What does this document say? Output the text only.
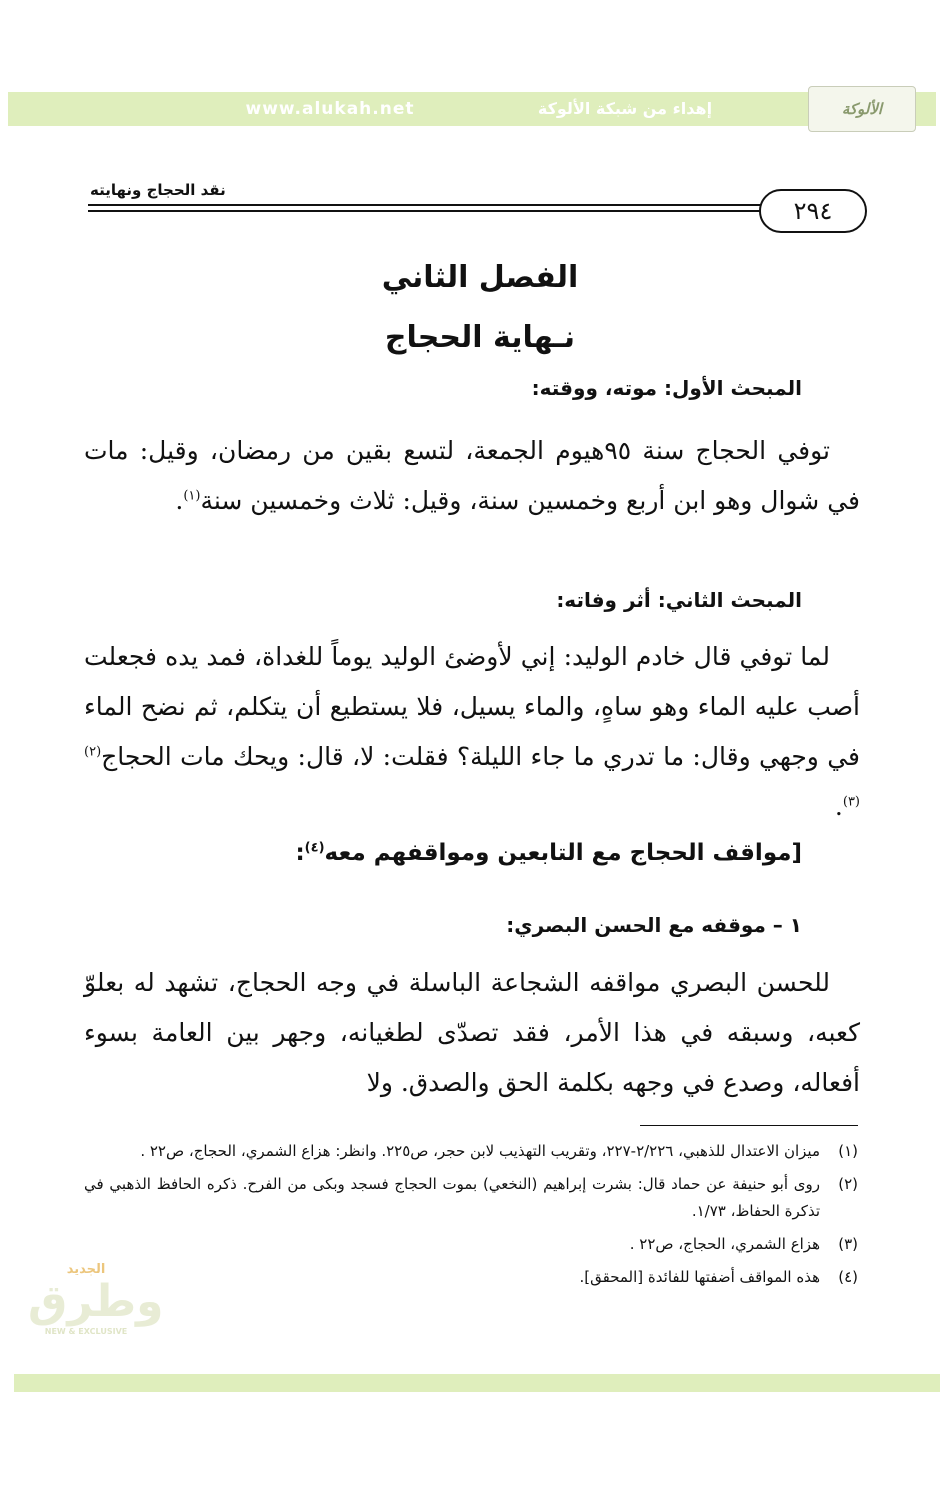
www.alukah.net	إهداء من شبكة الألوكة	الألوكة
نقد الحجاج ونهايته
٢٩٤
الفصل الثاني
نـهاية الحجاج
المبحث الأول: موته، ووقته:

توفي الحجاج سنة ٩٥هيوم الجمعة، لتسع بقين من رمضان، وقيل: مات في شوال وهو ابن أربع وخمسين سنة، وقيل: ثلاث وخمسين سنة$^{(١)}$.

المبحث الثاني: أثر وفاته:

لما توفي قال خادم الوليد: إني لأوضئ الوليد يوماً للغداة، فمد يده فجعلت أصب عليه الماء وهو ساهٍ، والماء يسيل، فلا يستطيع أن يتكلم، ثم نضح الماء في وجهي وقال: ما تدري ما جاء الليلة؟ فقلت: لا، قال: ويحك مات الحجاج$^{(٢)(٣)}$.

[مواقف الحجاج مع التابعين ومواقفهم معه$^{(٤)}$:
١ – موقفه مع الحسن البصري:

للحسن البصري مواقفه الشجاعة الباسلة في وجه الحجاج، تشهد له بعلوّ كعبه، وسبقه في هذا الأمر، فقد تصدّى لطغيانه، وجهر بين العامة بسوء أفعاله، وصدع في وجهه بكلمة الحق والصدق. ولا

(١)
ميزان الاعتدال للذهبي، ٢/٢٢٦-٢٢٧، وتقريب التهذيب لابن حجر، ص٢٢٥. وانظر: هزاع الشمري، الحجاج، ص٢٢ .
(٢)
روى أبو حنيفة عن حماد قال: بشرت إبراهيم (النخعي) بموت الحجاج فسجد وبكى من الفرح. ذكره الحافظ الذهبي في تذكرة الحفاظ، ١/٧٣.
(٣)
هزاع الشمري، الحجاج، ص٢٢ .
(٤)
هذه المواقف أضفتها للفائدة [المحقق].
الجديد
وطرق
NEW & EXCLUSIVE
